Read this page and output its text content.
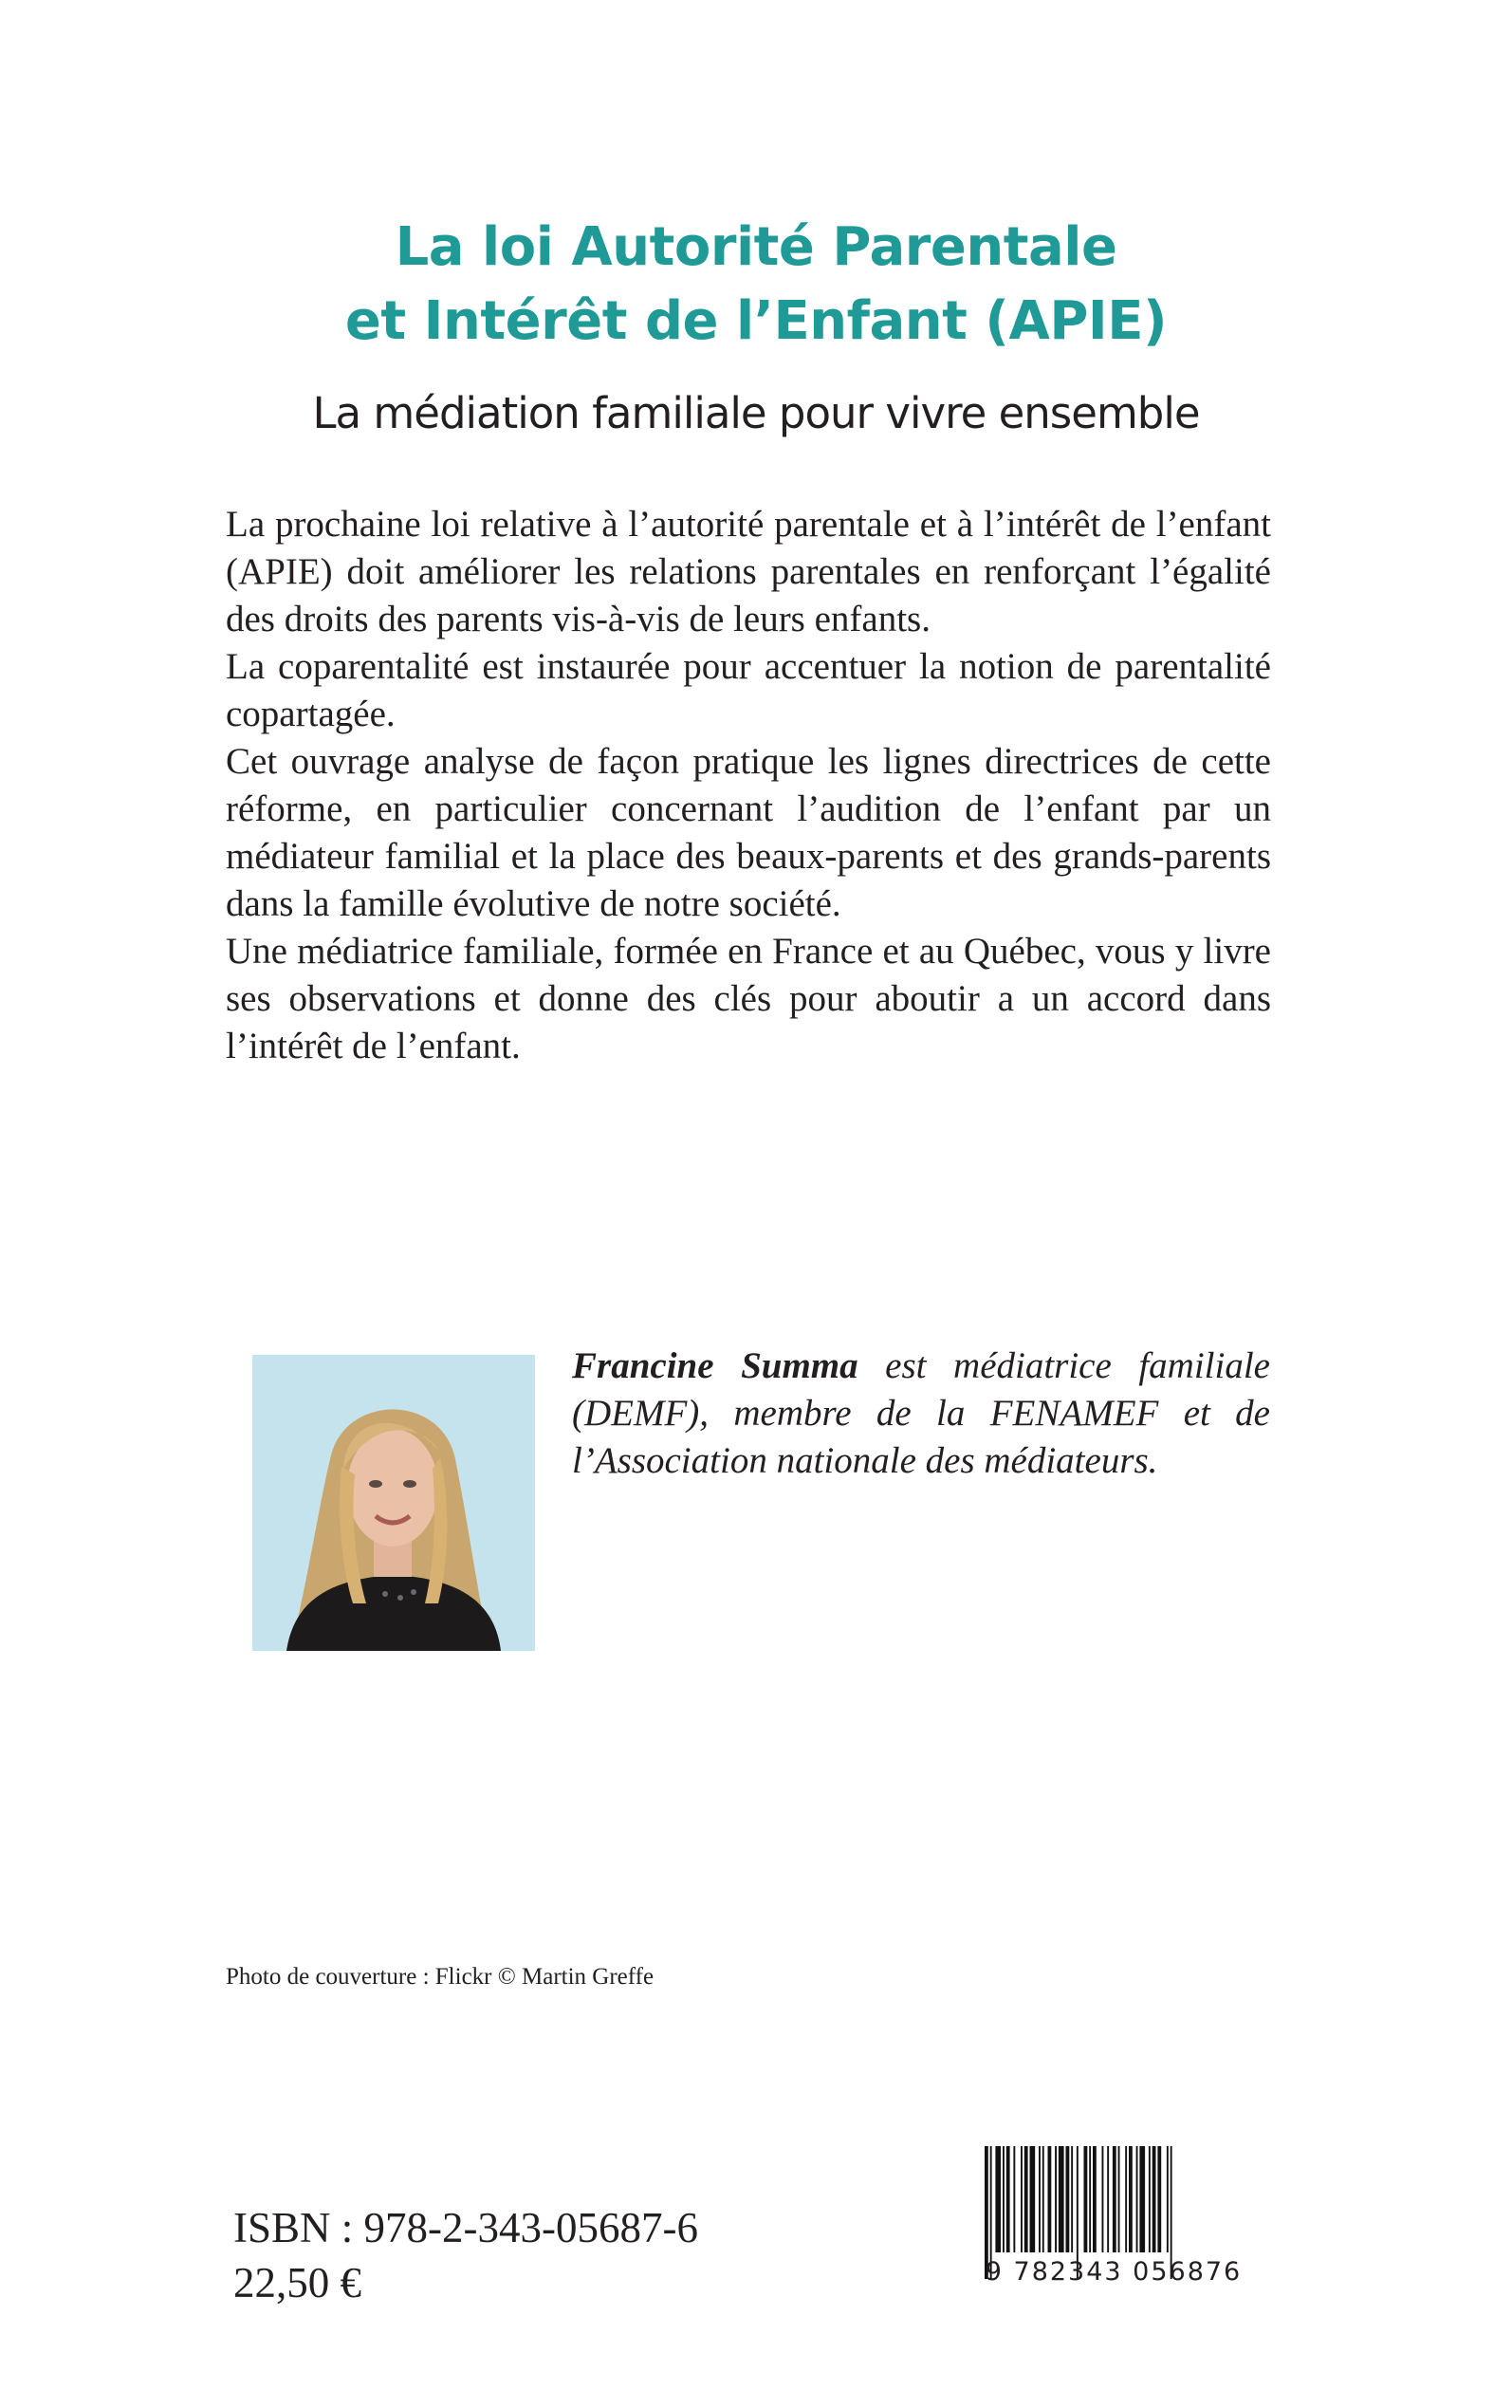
La loi Autorité Parentale
et Intérêt de l’Enfant (APIE)
La médiation familiale pour vivre ensemble

La prochaine loi relative à l’autorité parentale et à l’intérêt de l’enfant (APIE) doit améliorer les relations parentales en renforçant l’égalité des droits des parents vis-à-vis de leurs enfants.

La coparentalité est instaurée pour accentuer la notion de parentalité copartagée.

Cet ouvrage analyse de façon pratique les lignes directrices de cette réforme, en particulier concernant l’audition de l’enfant par un médiateur familial et la place des beaux-parents et des grands-parents dans la famille évolutive de notre société.

Une médiatrice familiale, formée en France et au Québec, vous y livre ses observations et donne des clés pour aboutir a un accord dans l’intérêt de l’enfant.

Francine Summa est médiatrice familiale (DEMF), membre de la FENAMEF et de l’Association nationale des médiateurs.
Photo de couverture : Flickr © Martin Greffe
ISBN : 978-2-343-05687-6
22,50 €	9 782343 056876
